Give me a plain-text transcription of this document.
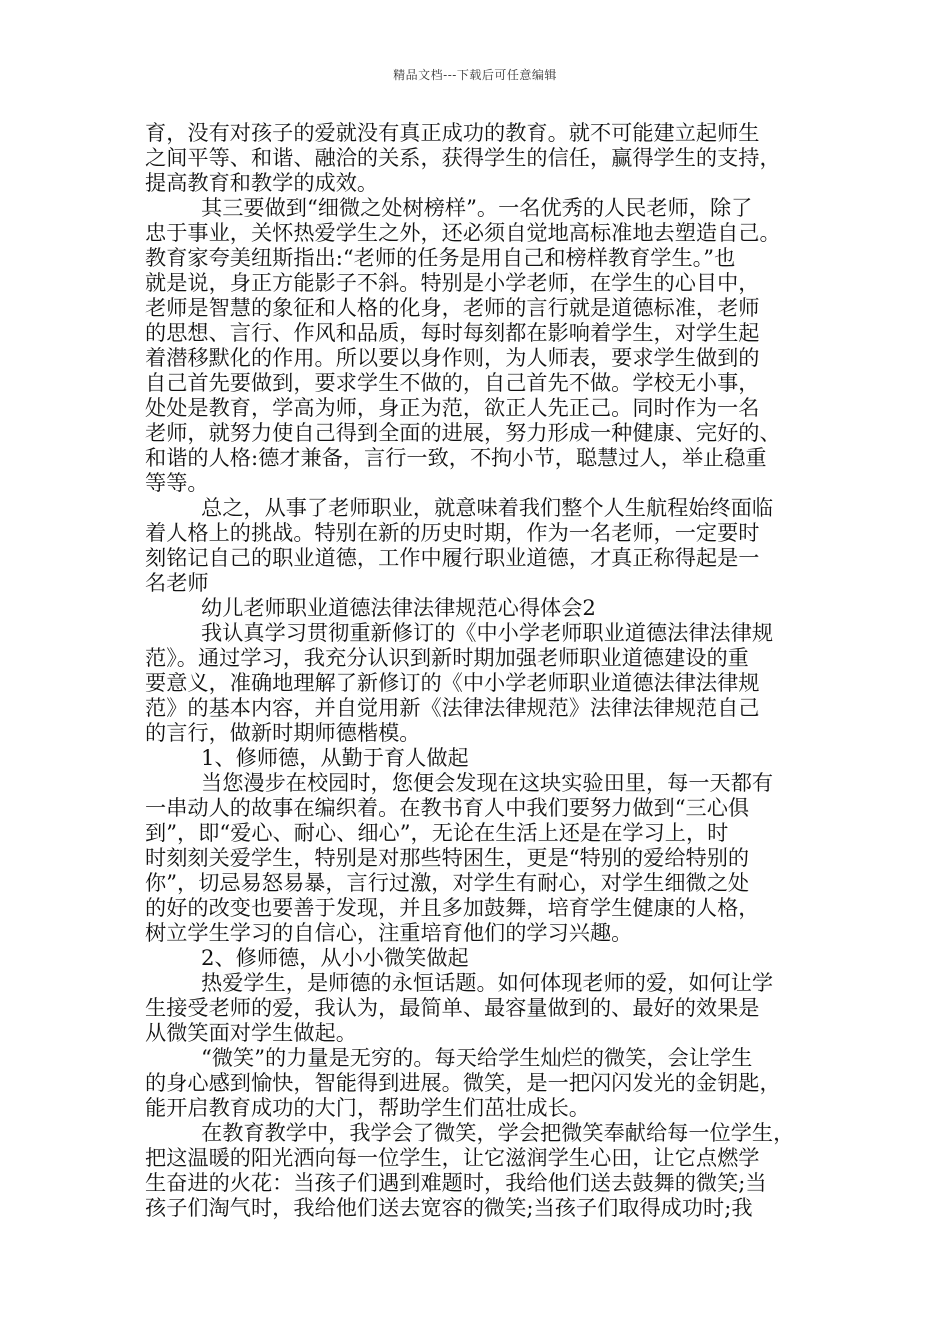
精品文档---下载后可任意编辑
育，没有对孩子的爱就没有真正成功的教育。就不可能建立起师生
之间平等、和谐、融洽的关系，获得学生的信任，赢得学生的支持，
提高教育和教学的成效。
其三要做到“细微之处树榜样”。一名优秀的人民老师，除了
忠于事业，关怀热爱学生之外，还必须自觉地高标准地去塑造自己。
教育家夸美纽斯指出:“老师的任务是用自己和榜样教育学生。”也
就是说，身正方能影子不斜。特别是小学老师，在学生的心目中，
老师是智慧的象征和人格的化身，老师的言行就是道德标准，老师
的思想、言行、作风和品质，每时每刻都在影响着学生，对学生起
着潜移默化的作用。所以要以身作则，为人师表，要求学生做到的
自己首先要做到，要求学生不做的，自己首先不做。学校无小事，
处处是教育，学高为师，身正为范，欲正人先正己。同时作为一名
老师，就努力使自己得到全面的进展，努力形成一种健康、完好的、
和谐的人格:德才兼备，言行一致，不拘小节，聪慧过人，举止稳重
等等。
总之，从事了老师职业，就意味着我们整个人生航程始终面临
着人格上的挑战。特别在新的历史时期，作为一名老师，一定要时
刻铭记自己的职业道德，工作中履行职业道德，才真正称得起是一
名老师
幼儿老师职业道德法律法律规范心得体会2
我认真学习贯彻重新修订的《中小学老师职业道德法律法律规
范》。通过学习，我充分认识到新时期加强老师职业道德建设的重
要意义，准确地理解了新修订的《中小学老师职业道德法律法律规
范》的基本内容，并自觉用新《法律法律规范》法律法律规范自己
的言行，做新时期师德楷模。
1、修师德，从勤于育人做起
当您漫步在校园时，您便会发现在这块实验田里，每一天都有
一串动人的故事在编织着。在教书育人中我们要努力做到“三心俱
到”，即“爱心、耐心、细心”，无论在生活上还是在学习上，时
时刻刻关爱学生，特别是对那些特困生，更是“特别的爱给特别的
你”，切忌易怒易暴，言行过激，对学生有耐心，对学生细微之处
的好的改变也要善于发现，并且多加鼓舞，培育学生健康的人格，
树立学生学习的自信心，注重培育他们的学习兴趣。
2、修师德，从小小微笑做起
热爱学生，是师德的永恒话题。如何体现老师的爱，如何让学
生接受老师的爱，我认为，最简单、最容量做到的、最好的效果是
从微笑面对学生做起。
“微笑”的力量是无穷的。每天给学生灿烂的微笑，会让学生
的身心感到愉快，智能得到进展。微笑，是一把闪闪发光的金钥匙，
能开启教育成功的大门，帮助学生们茁壮成长。
在教育教学中，我学会了微笑，学会把微笑奉献给每一位学生，
把这温暖的阳光洒向每一位学生，让它滋润学生心田，让它点燃学
生奋进的火花：当孩子们遇到难题时，我给他们送去鼓舞的微笑;当
孩子们淘气时，我给他们送去宽容的微笑;当孩子们取得成功时;我
